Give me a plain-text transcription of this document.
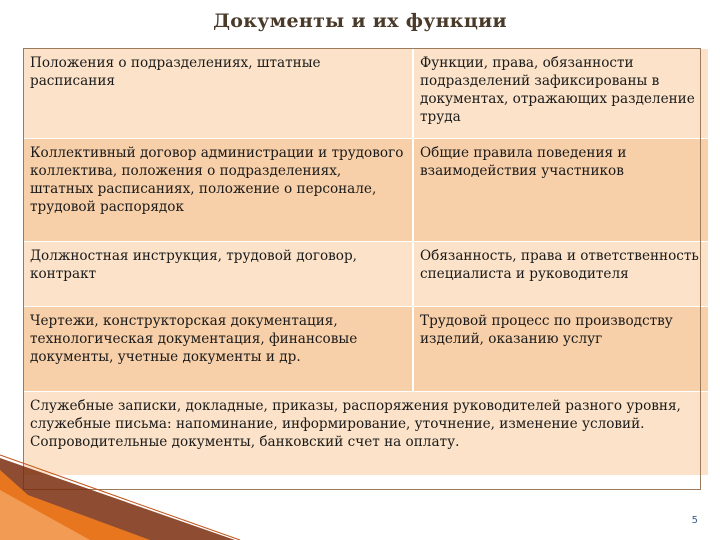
Документы и их функции
Положения о подразделениях, штатные расписания	Функции, права, обязанности подразделений зафиксированы в документах, отражающих разделение труда
Коллективный договор администрации и трудового коллектива, положения о подразделениях, штатных расписаниях, положение о персонале, трудовой распорядок	Общие правила поведения и взаимодействия участников
Должностная инструкция, трудовой договор, контракт	Обязанность, права и ответственность специалиста и руководителя
Чертежи, конструкторская документация, технологическая документация, финансовые документы, учетные документы и др.	Трудовой процесс по производству изделий, оказанию услуг
Служебные записки, докладные, приказы, распоряжения руководителей разного уровня, служебные письма: напоминание, информирование, уточнение, изменение условий. Сопроводительные документы, банковский счет на оплату.	
5
